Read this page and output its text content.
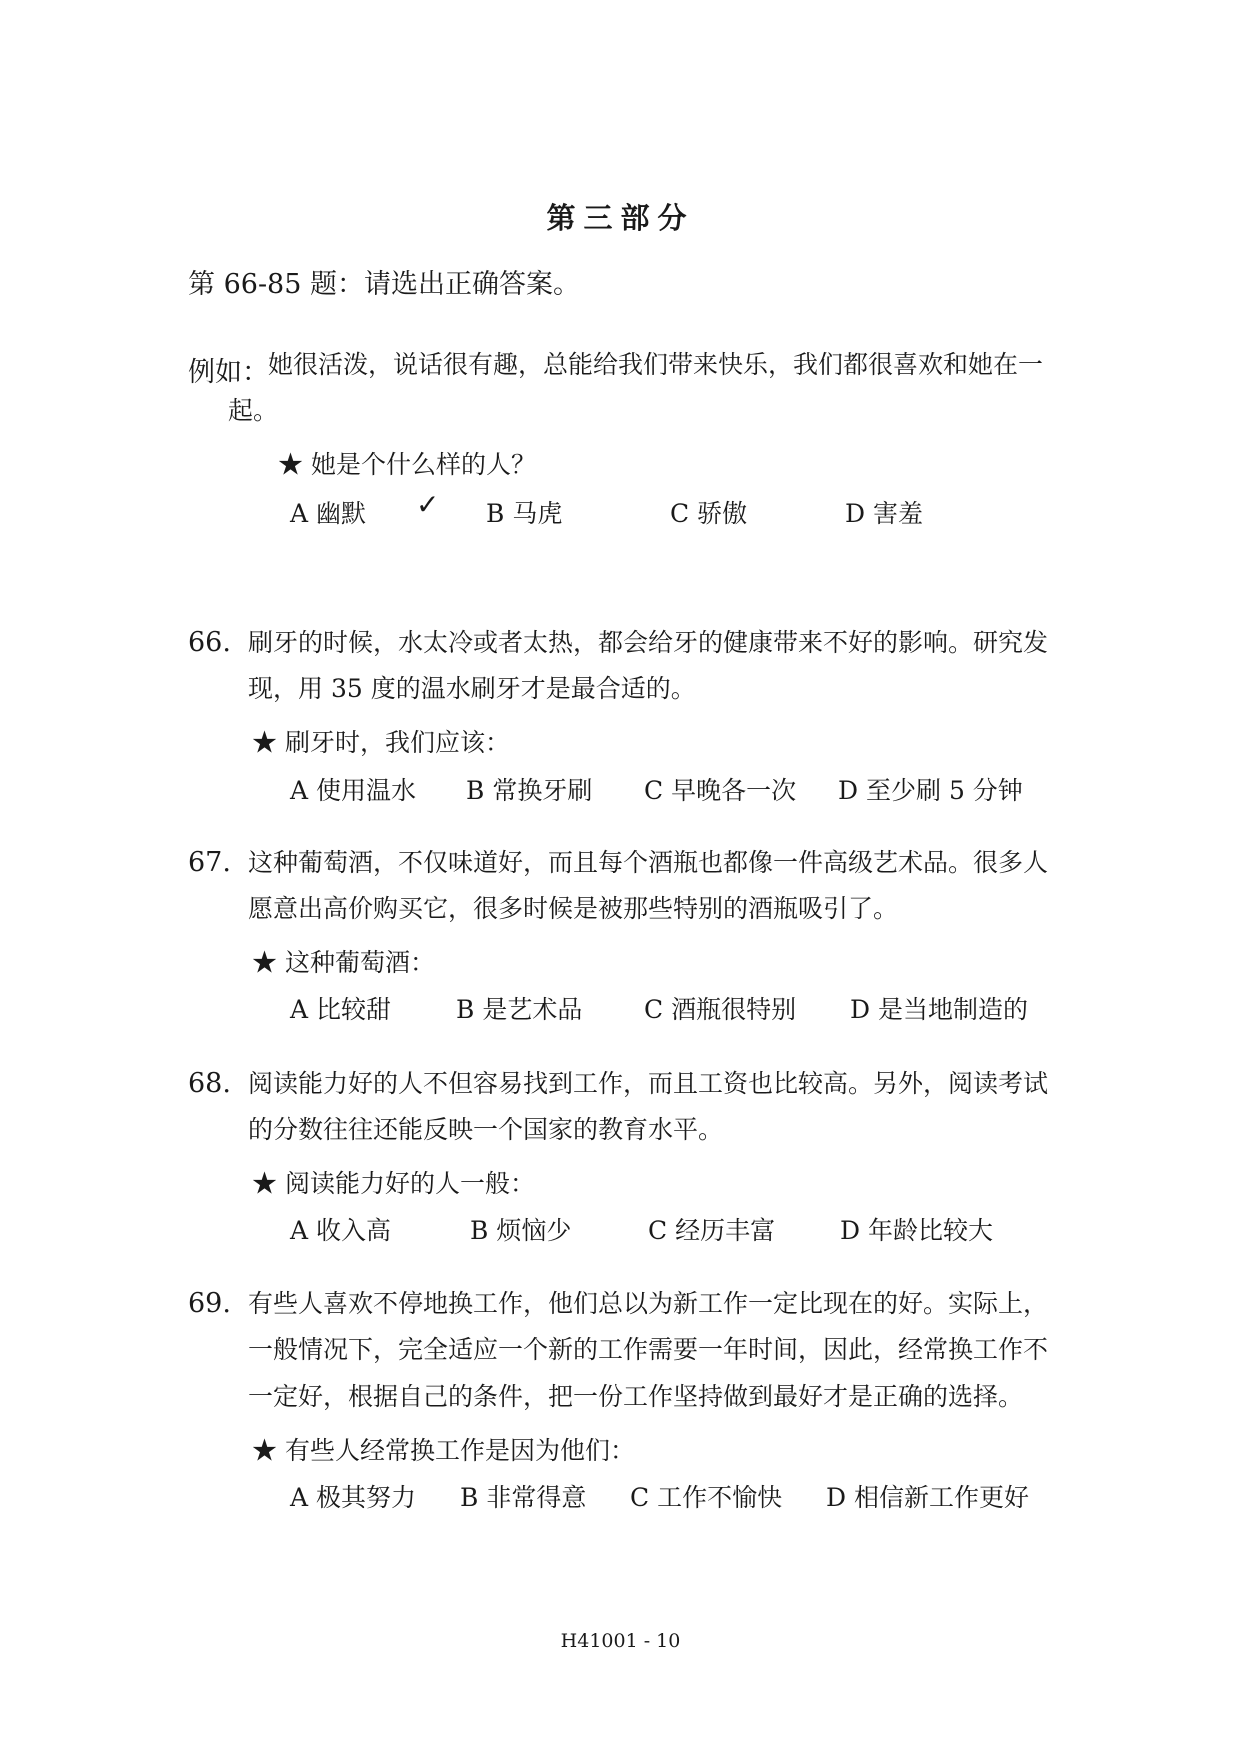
第三部分
第 66-85 题：请选出正确答案。
例如： 她很活泼，说话很有趣，总能给我们带来快乐，我们都很喜欢和她在一
起。
★ 她是个什么样的人？
A 幽默 ✓ B 马虎	C 骄傲	D 害羞
66. 刷牙的时候，水太冷或者太热，都会给牙的健康带来不好的影响。研究发
现，用 35 度的温水刷牙才是最合适的。
★ 刷牙时，我们应该：
A 使用温水 B 常换牙刷 C 早晚各一次 D 至少刷 5 分钟
67. 这种葡萄酒，不仅味道好，而且每个酒瓶也都像一件高级艺术品。很多人
愿意出高价购买它，很多时候是被那些特别的酒瓶吸引了。
★ 这种葡萄酒：
A 比较甜	B 是艺术品 C 酒瓶很特别 D 是当地制造的
68. 阅读能力好的人不但容易找到工作，而且工资也比较高。另外，阅读考试
的分数往往还能反映一个国家的教育水平。
★ 阅读能力好的人一般：
A 收入高	B 烦恼少	C 经历丰富	D 年龄比较大
69. 有些人喜欢不停地换工作，他们总以为新工作一定比现在的好。实际上，
一般情况下，完全适应一个新的工作需要一年时间，因此，经常换工作不
一定好，根据自己的条件，把一份工作坚持做到最好才是正确的选择。
★ 有些人经常换工作是因为他们：
A 极其努力 B 非常得意 C 工作不愉快 D 相信新工作更好
H41001 - 10
